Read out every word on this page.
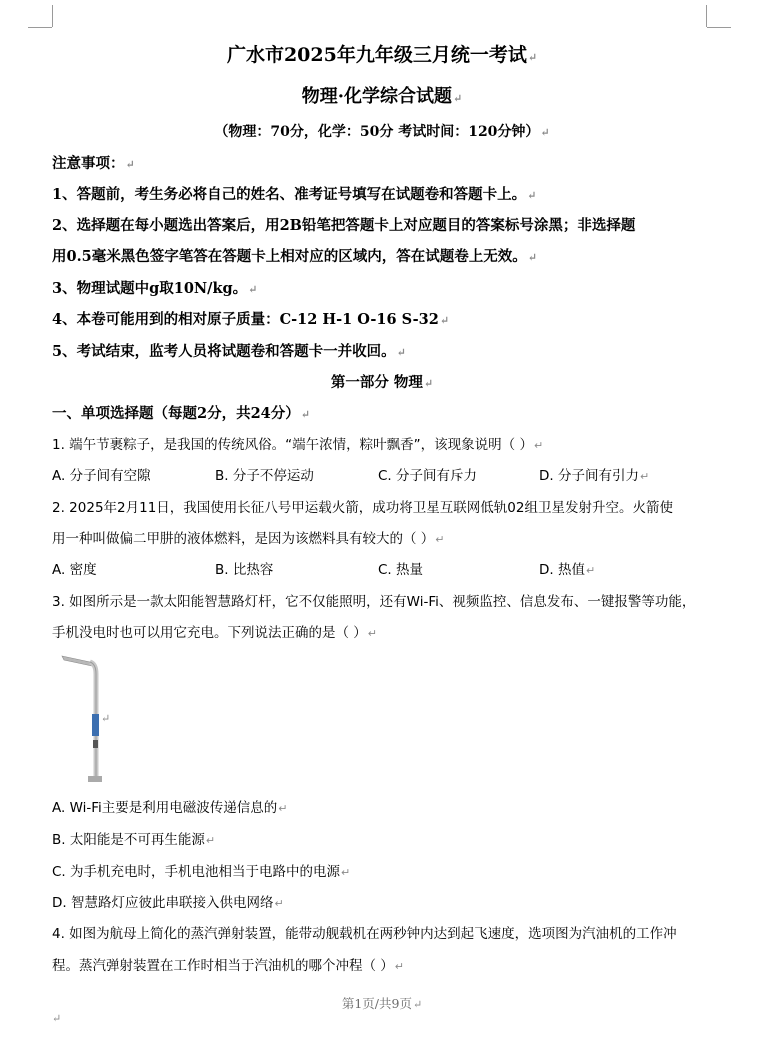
广水市2025年九年级三月统一考试↵
物理·化学综合试题↵
（物理：70分，化学：50分 考试时间：120分钟）↵
注意事项：↵
1、答题前，考生务必将自己的姓名、准考证号填写在试题卷和答题卡上。↵
2、选择题在每小题选出答案后，用2B铅笔把答题卡上对应题目的答案标号涂黑；非选择题
用0.5毫米黑色签字笔答在答题卡上相对应的区域内，答在试题卷上无效。↵
3、物理试题中g取10N/kg。↵
4、本卷可能用到的相对原子质量：C-12 H-1 O-16 S-32↵
5、考试结束，监考人员将试题卷和答题卡一并收回。↵
第一部分 物理↵
一、单项选择题（每题2分，共24分）↵
1. 端午节裹粽子，是我国的传统风俗。“端午浓情，粽叶飘香”，该现象说明（ ）↵
A. 分子间有空隙	B. 分子不停运动	C. 分子间有斥力	D. 分子间有引力↵
2. 2025年2月11日，我国使用长征八号甲运载火箭，成功将卫星互联网低轨02组卫星发射升空。火箭使
用一种叫做偏二甲肼的液体燃料，是因为该燃料具有较大的（ ）↵
A. 密度	B. 比热容	C. 热量	D. 热值↵
3. 如图所示是一款太阳能智慧路灯杆，它不仅能照明，还有Wi-Fi、视频监控、信息发布、一键报警等功能，
手机没电时也可以用它充电。下列说法正确的是（ ）↵
↵
A. Wi-Fi主要是利用电磁波传递信息的↵
B. 太阳能是不可再生能源↵
C. 为手机充电时，手机电池相当于电路中的电源↵
D. 智慧路灯应彼此串联接入供电网络↵
4. 如图为航母上简化的蒸汽弹射装置，能带动舰载机在两秒钟内达到起飞速度，选项图为汽油机的工作冲
程。蒸汽弹射装置在工作时相当于汽油机的哪个冲程（ ）↵
第1页/共9页↵
↵
